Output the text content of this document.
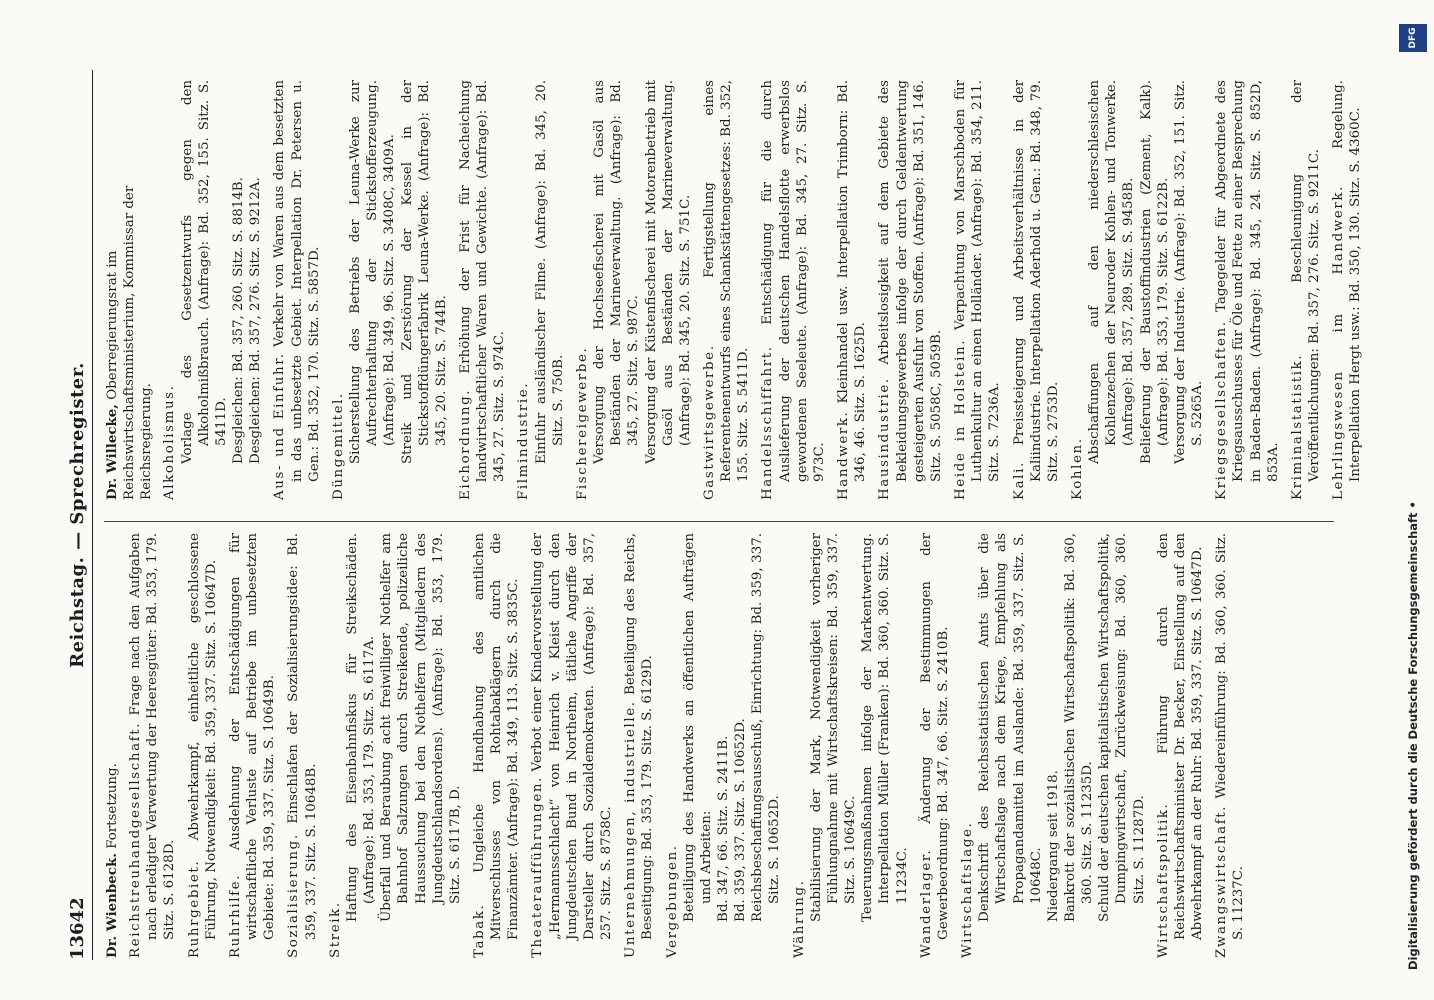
13642
Reichstag. — Sprechregister.
Dr. Wienbeck. Fortsetzung. Reichstreuhandgesellschaft. Frage nach den Aufgaben nach erledigter Verwertung der Heeresgüter: Bd. 353, 179. Sitz. S. 6128D. Ruhrgebiet. Abwehrkampf, einheitliche geschlossene Führung, Notwendigkeit: Bd. 359, 337. Sitz. S. 10647D. Ruhrhilfe. Ausdehnung der Entschädigungen für wirtschaftliche Verluste auf Betriebe im unbesetzten Gebiete: Bd. 359, 337. Sitz. S. 10649B. Sozialisierung. Einschlafen der Sozialisierungsidee: Bd. 359, 337. Sitz. S. 10648B. Streik.
Haftung des Eisenbahnfiskus für Streikschäden. (Anfrage): Bd. 353, 179. Sitz. S. 6117A. Überfall und Beraubung acht freiwilliger Nothelfer am Bahnhof Salzungen durch Streikende, polizeiliche Haussuchung bei den Nothelfern (Mitgliedern des Jungdeutschlandsordens). (Anfrage): Bd. 353, 179. Sitz. S. 6117B, D.
Tabak. Ungleiche Handhabung des amtlichen Mitverschlusses von Rohtabaklägern durch die Finanzämter. (Anfrage): Bd. 349, 113. Sitz. S. 3835C. Theateraufführungen. Verbot einer Kindervorstellung der „Hermannsschlacht“ von Heinrich v. Kleist durch den Jungdeutschen Bund in Northeim, tätliche Angriffe der Darsteller durch Sozialdemokraten. (Anfrage): Bd. 357, 257. Sitz. S. 8758C. Unternehmungen, industrielle. Beteiligung des Reichs, Beseitigung: Bd. 353, 179. Sitz. S. 6129D. Vergebungen. Beteiligung des Handwerks an öffentlichen Aufträgen und Arbeiten: Bd. 347, 66. Sitz. S. 2411B. Bd. 359, 337. Sitz. S. 10652D. Reichsbeschaffungsausschuß, Einrichtung: Bd. 359, 337. Sitz. S. 10652D.
Währung. Stabilisierung der Mark, Notwendigkeit vorheriger Fühlungnahme mit Wirtschaftskreisen: Bd. 359, 337. Sitz. S. 10649C. Teuerungsmaßnahmen infolge der Markentwertung. Interpellation Müller (Franken): Bd. 360, 360. Sitz. S. 11234C. Wanderlager. Änderung der Bestimmungen der Gewerbeordnung: Bd. 347, 66. Sitz. S. 2410B. Wirtschaftslage. Denkschrift des Reichsstatistischen Amts über die Wirtschaftslage nach dem Kriege, Empfehlung als Propagandamittel im Auslande: Bd. 359, 337. Sitz. S. 10648C. Niedergang seit 1918. Bankrott der sozialistischen Wirtschaftspolitik: Bd. 360, 360. Sitz. S. 11235D. Schuld der deutschen kapitalistischen Wirtschaftspolitik, Dumpingwirtschaft, Zurückweisung: Bd. 360, 360. Sitz. S. 11287D. Wirtschaftspolitik. Führung durch den Reichswirtschaftsminister Dr. Becker, Einstellung auf den Abwehrkampf an der Ruhr: Bd. 359, 337. Sitz. S. 10647D. Zwangswirtschaft. Wiedereinführung: Bd. 360, 360. Sitz. S. 11237C.
Dr. Willecke, Oberregierungsrat im Reichswirtschaftsministerium, Kommissar der Reichsregierung. Alkoholismus. Vorlage des Gesetzentwurfs gegen den Alkoholmißbrauch. (Anfrage): Bd. 352, 155. Sitz. S. 5411D. Desgleichen: Bd. 357, 260. Sitz. S. 8814B. Desgleichen: Bd. 357, 276. Sitz. S. 9212A. Aus- und Einfuhr. Verkehr von Waren aus dem besetzten in das unbesetzte Gebiet. Interpellation Dr. Petersen u. Gen.: Bd. 352, 170. Sitz. S. 5857D. Düngemittel. Sicherstellung des Betriebs der Leuna-Werke zur Aufrechterhaltung der Stickstofferzeugung. (Anfrage): Bd. 349, 96. Sitz. S. 3408C, 3409A. Streik und Zerstörung der Kessel in der Stickstoffdüngerfabrik Leuna-Werke. (Anfrage): Bd. 345, 20. Sitz. S. 744B. Eichordnung. Erhöhung der Frist für Nacheichung landwirtschaftlicher Waren und Gewichte. (Anfrage): Bd. 345, 27. Sitz. S. 974C. Filmindustrie. Einfuhr ausländischer Filme. (Anfrage): Bd. 345, 20. Sitz. S. 750B. Fischereigewerbe. Versorgung der Hochseefischerei mit Gasöl aus Beständen der Marineverwaltung. (Anfrage): Bd. 345, 27. Sitz. S. 987C. Versorgung der Küstenfischerei mit Motorenbetrieb mit Gasöl aus Beständen der Marineverwaltung. (Anfrage): Bd. 345, 20. Sitz. S. 751C. Gastwirtsgewerbe. Fertigstellung eines Referentenentwurfs eines Schankstättengesetzes: Bd. 352, 155. Sitz. S. 5411D. Handelsschiffahrt. Entschädigung für die durch Auslieferung der deutschen Handelsflotte erwerbslos gewordenen Seeleute. (Anfrage): Bd. 345, 27. Sitz. S. 973C. Handwerk. Kleinhandel usw. Interpellation Trimborn: Bd. 346, 46. Sitz. S. 1625D. Hausindustrie. Arbeitslosigkeit auf dem Gebiete des Bekleidungsgewerbes infolge der durch Geldentwertung gesteigerten Ausfuhr von Stoffen. (Anfrage): Bd. 351, 146. Sitz. S. 5058C, 5059B. Heide in Holstein. Verpachtung von Marschboden für Luthenkultur an einen Holländer. (Anfrage): Bd. 354, 211. Sitz. S. 7236A. Kali. Preissteigerung und Arbeitsverhältnisse in der Kaliindustrie. Interpellation Aderhold u. Gen.: Bd. 348, 79. Sitz. S. 2753D. Kohlen.
Abschaffungen auf den niederschlesischen Kohlenzechen der Neuroder Kohlen- und Tonwerke. (Anfrage): Bd. 357, 289. Sitz. S. 9458B. Belieferung der Baustoffindustrien (Zement, Kalk). (Anfrage): Bd. 353, 179. Sitz. S. 6122B. Versorgung der Industrie. (Anfrage): Bd. 352, 151. Sitz. S. 5265A. Kriegsgesellschaften. Tagegelder für Abgeordnete des Kriegsausschusses für Öle und Fette zu einer Besprechung in Baden-Baden. (Anfrage): Bd. 345, 24. Sitz. S. 852D, 853A. Kriminalstatistik. Beschleunigung der Veröffentlichungen: Bd. 357, 276. Sitz. S. 9211C. Lehrlingswesen im Handwerk. Regelung. Interpellation Hergt usw.: Bd. 350, 130. Sitz. S. 4360C.
Digitalisierung gefördert durch die Deutsche Forschungsgemeinschaft •
DFG
